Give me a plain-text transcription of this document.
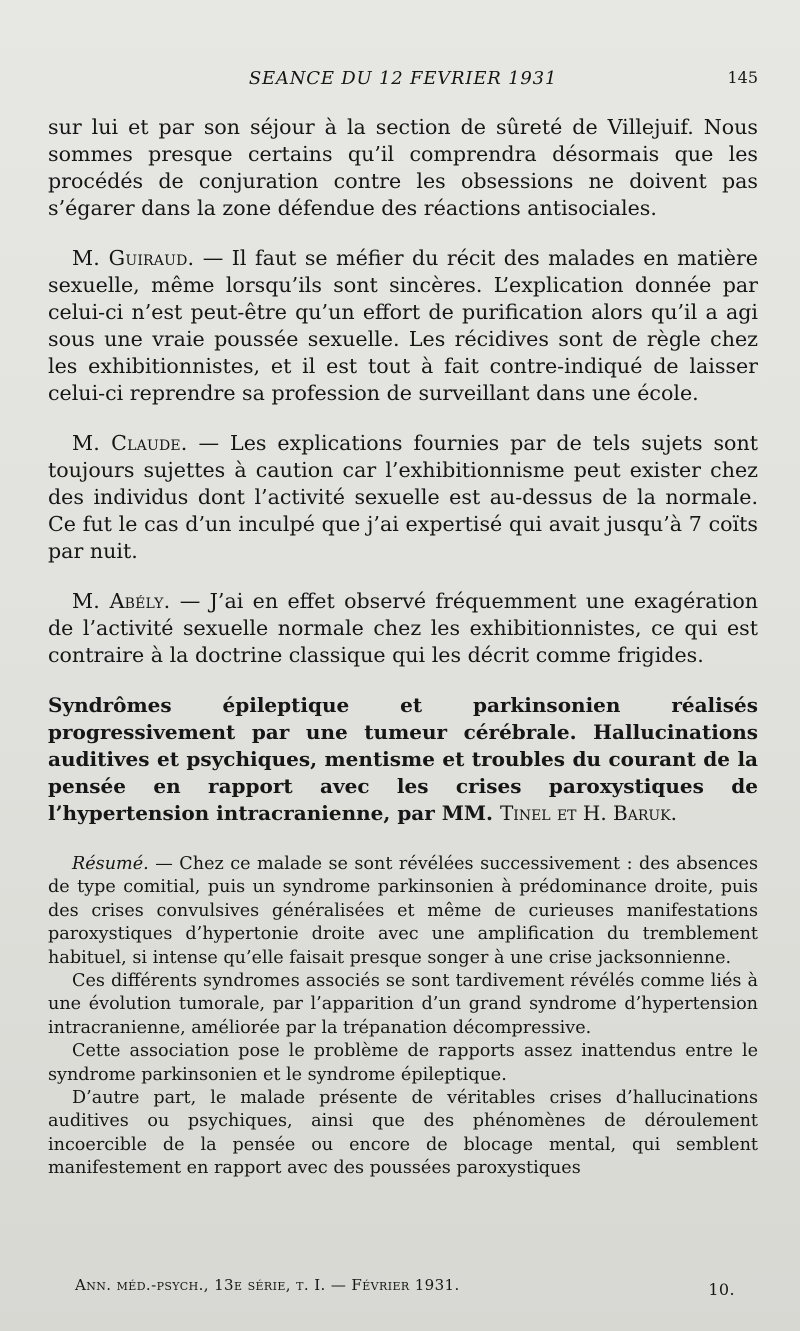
SEANCE DU 12 FEVRIER 1931	145

sur lui et par son séjour à la section de sûreté de Villejuif. Nous sommes presque certains qu’il comprendra désormais que les procédés de conjuration contre les obsessions ne doivent pas s’égarer dans la zone défendue des réactions antisociales.

M. Guiraud. — Il faut se méfier du récit des malades en matière sexuelle, même lorsqu’ils sont sincères. L’explication donnée par celui-ci n’est peut-être qu’un effort de purification alors qu’il a agi sous une vraie poussée sexuelle. Les récidives sont de règle chez les exhibitionnistes, et il est tout à fait contre-indiqué de laisser celui-ci reprendre sa profession de surveillant dans une école.

M. Claude. — Les explications fournies par de tels sujets sont toujours sujettes à caution car l’exhibitionnisme peut exister chez des individus dont l’activité sexuelle est au-dessus de la normale. Ce fut le cas d’un inculpé que j’ai expertisé qui avait jusqu’à 7 coïts par nuit.

M. Abély. — J’ai en effet observé fréquemment une exagération de l’activité sexuelle normale chez les exhibitionnistes, ce qui est contraire à la doctrine classique qui les décrit comme frigides.

Syndrômes épileptique et parkinsonien réalisés progressivement par une tumeur cérébrale. Hallucinations auditives et psychiques, mentisme et troubles du courant de la pensée en rapport avec les crises paroxystiques de l’hypertension intracranienne, par MM. Tinel et H. Baruk.

Résumé. — Chez ce malade se sont révélées successivement : des absences de type comitial, puis un syndrome parkinsonien à prédominance droite, puis des crises convulsives généralisées et même de curieuses manifestations paroxystiques d’hypertonie droite avec une amplification du tremblement habituel, si intense qu’elle faisait presque songer à une crise jacksonnienne.

Ces différents syndromes associés se sont tardivement révélés comme liés à une évolution tumorale, par l’apparition d’un grand syndrome d’hypertension intracranienne, améliorée par la trépanation décompressive.

Cette association pose le problème de rapports assez inattendus entre le syndrome parkinsonien et le syndrome épileptique.

D’autre part, le malade présente de véritables crises d’hallucinations auditives ou psychiques, ainsi que des phénomènes de déroulement incoercible de la pensée ou encore de blocage mental, qui semblent manifestement en rapport avec des poussées paroxystiques

Ann. méd.-psych., 13e série, t. I. — Février 1931.	10.
